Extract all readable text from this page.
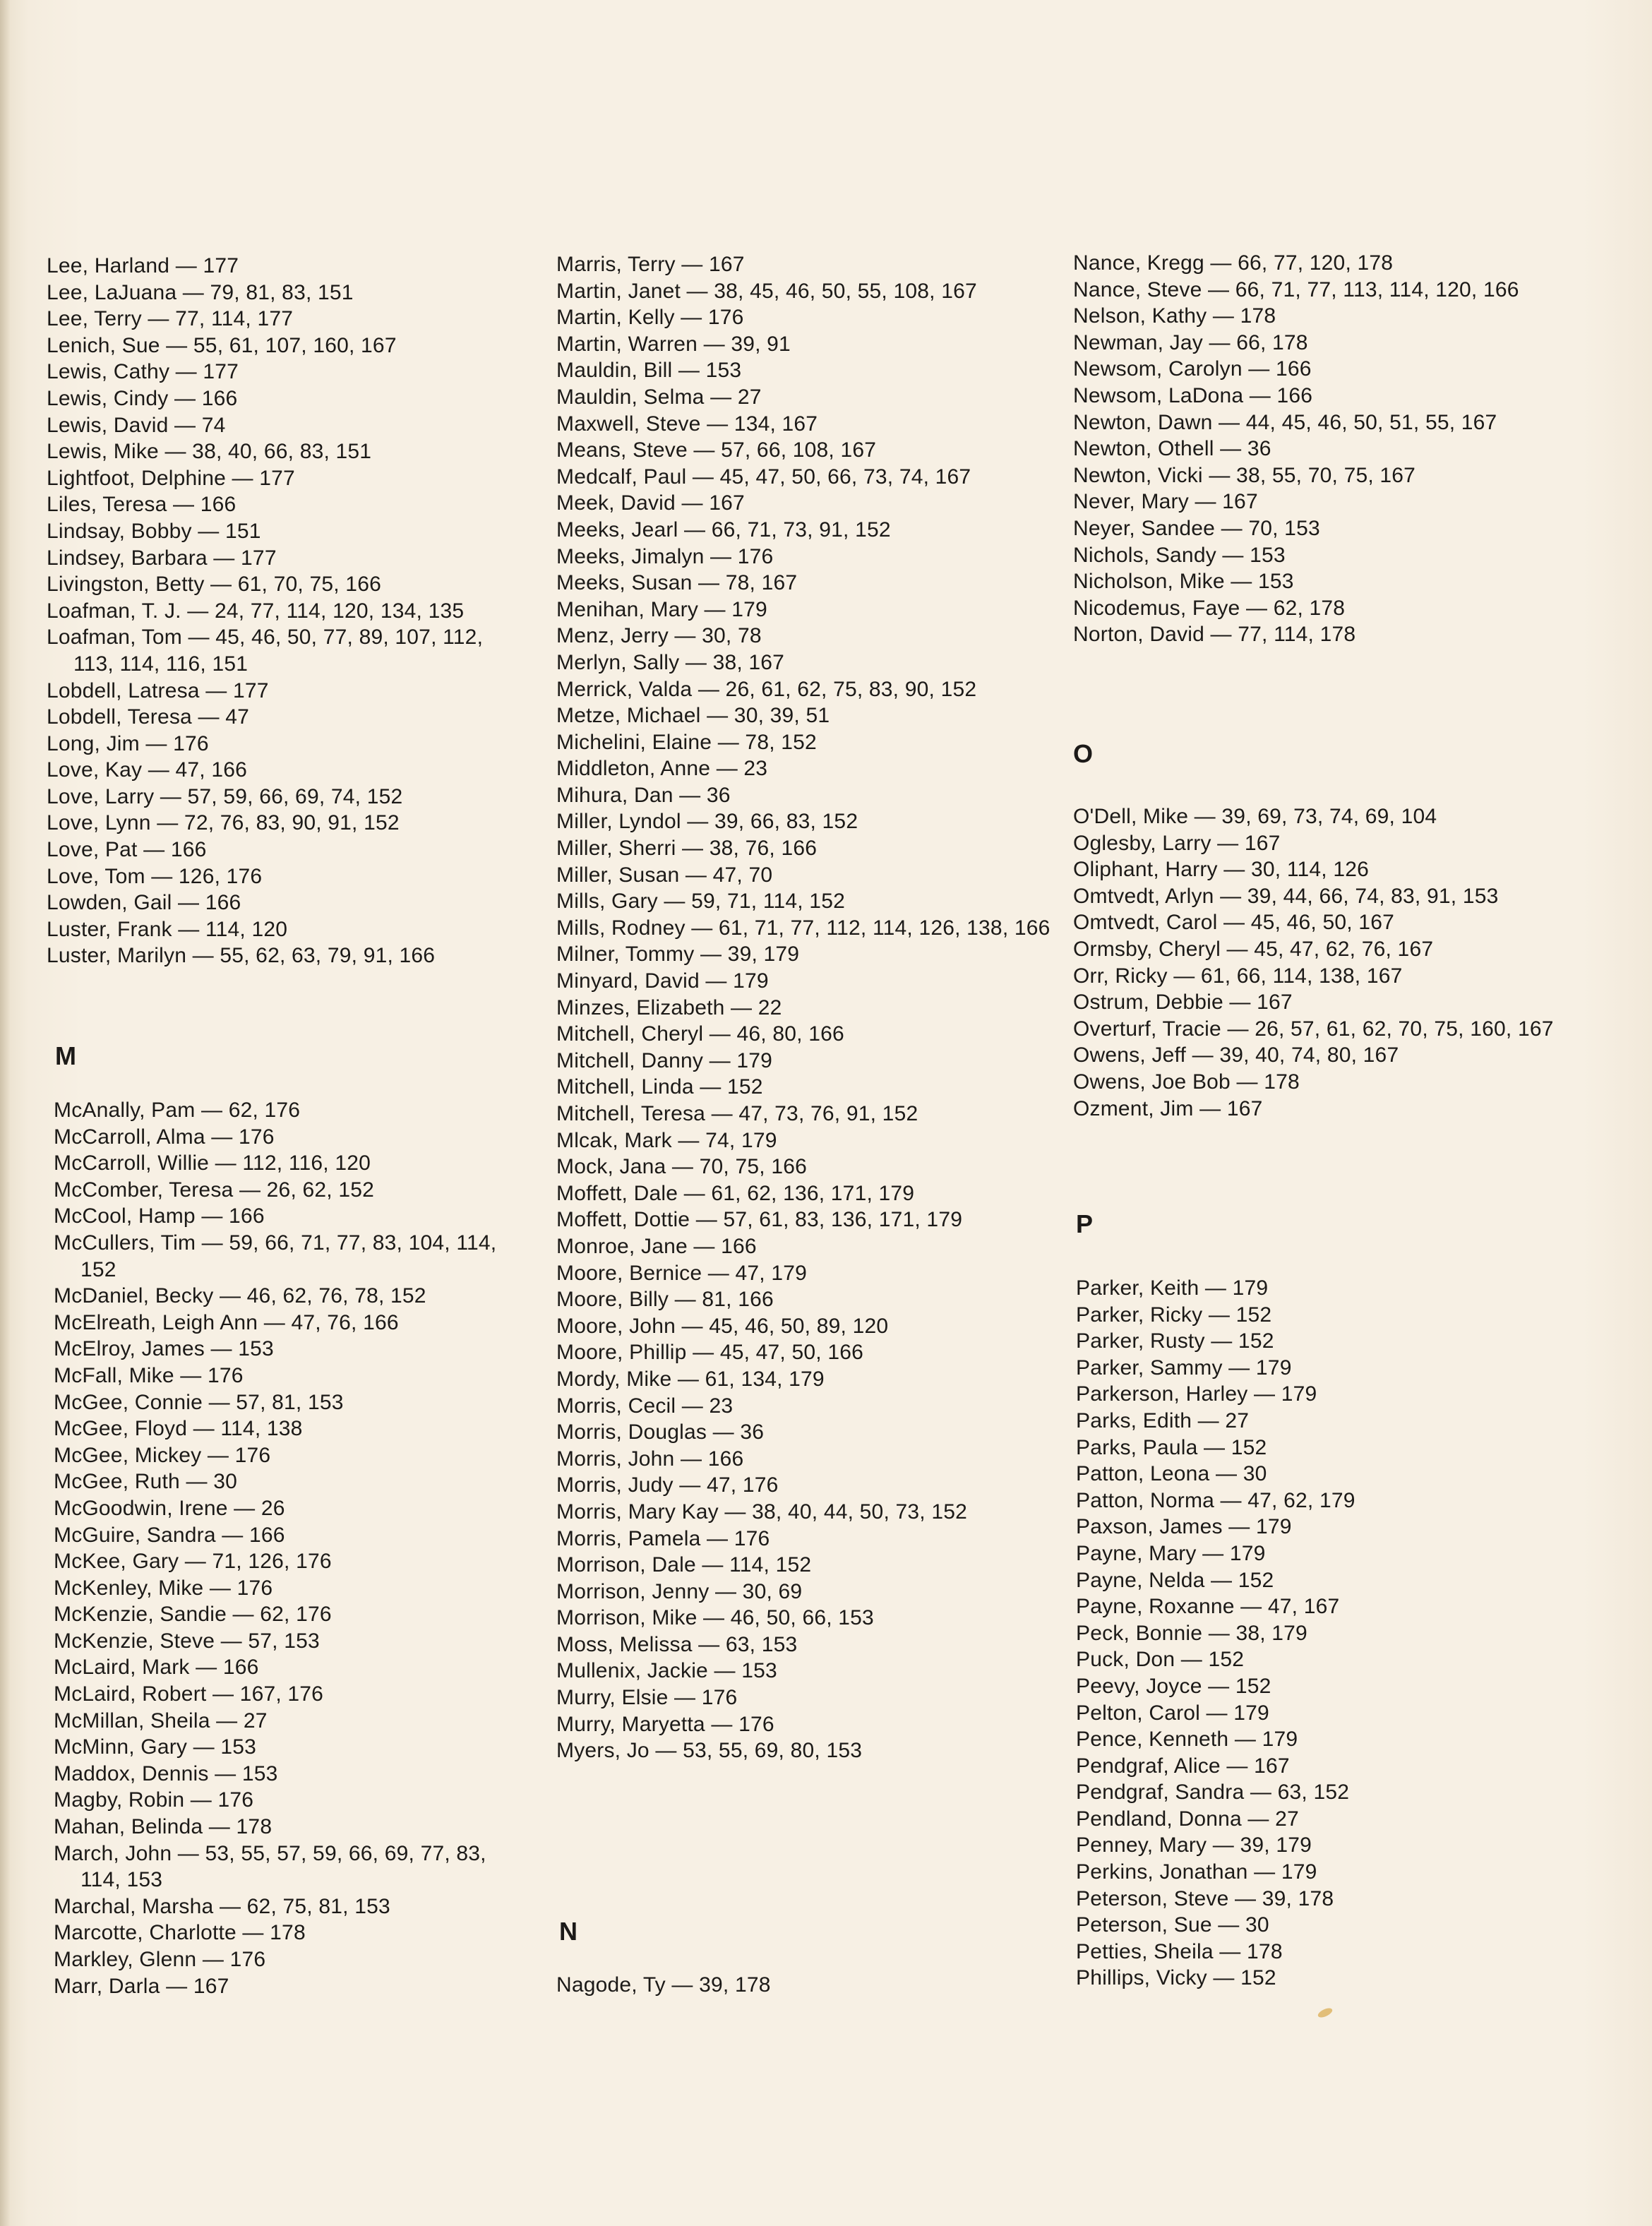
Lee, Harland — 177
Lee, LaJuana — 79, 81, 83, 151
Lee, Terry — 77, 114, 177
Lenich, Sue — 55, 61, 107, 160, 167
Lewis, Cathy — 177
Lewis, Cindy — 166
Lewis, David — 74
Lewis, Mike — 38, 40, 66, 83, 151
Lightfoot, Delphine — 177
Liles, Teresa — 166
Lindsay, Bobby — 151
Lindsey, Barbara — 177
Livingston, Betty — 61, 70, 75, 166
Loafman, T. J. — 24, 77, 114, 120, 134, 135
Loafman, Tom — 45, 46, 50, 77, 89, 107, 112, 113, 114, 116, 151
Lobdell, Latresa — 177
Lobdell, Teresa — 47
Long, Jim — 176
Love, Kay — 47, 166
Love, Larry — 57, 59, 66, 69, 74, 152
Love, Lynn — 72, 76, 83, 90, 91, 152
Love, Pat — 166
Love, Tom — 126, 176
Lowden, Gail — 166
Luster, Frank — 114, 120
Luster, Marilyn — 55, 62, 63, 79, 91, 166
M
McAnally, Pam — 62, 176
McCarroll, Alma — 176
McCarroll, Willie — 112, 116, 120
McComber, Teresa — 26, 62, 152
McCool, Hamp — 166
McCullers, Tim — 59, 66, 71, 77, 83, 104, 114, 152
McDaniel, Becky — 46, 62, 76, 78, 152
McElreath, Leigh Ann — 47, 76, 166
McElroy, James — 153
McFall, Mike — 176
McGee, Connie — 57, 81, 153
McGee, Floyd — 114, 138
McGee, Mickey — 176
McGee, Ruth — 30
McGoodwin, Irene — 26
McGuire, Sandra — 166
McKee, Gary — 71, 126, 176
McKenley, Mike — 176
McKenzie, Sandie — 62, 176
McKenzie, Steve — 57, 153
McLaird, Mark — 166
McLaird, Robert — 167, 176
McMillan, Sheila — 27
McMinn, Gary — 153
Maddox, Dennis — 153
Magby, Robin — 176
Mahan, Belinda — 178
March, John — 53, 55, 57, 59, 66, 69, 77, 83, 114, 153
Marchal, Marsha — 62, 75, 81, 153
Marcotte, Charlotte — 178
Markley, Glenn — 176
Marr, Darla — 167
Marris, Terry — 167
Martin, Janet — 38, 45, 46, 50, 55, 108, 167
Martin, Kelly — 176
Martin, Warren — 39, 91
Mauldin, Bill — 153
Mauldin, Selma — 27
Maxwell, Steve — 134, 167
Means, Steve — 57, 66, 108, 167
Medcalf, Paul — 45, 47, 50, 66, 73, 74, 167
Meek, David — 167
Meeks, Jearl — 66, 71, 73, 91, 152
Meeks, Jimalyn — 176
Meeks, Susan — 78, 167
Menihan, Mary — 179
Menz, Jerry — 30, 78
Merlyn, Sally — 38, 167
Merrick, Valda — 26, 61, 62, 75, 83, 90, 152
Metze, Michael — 30, 39, 51
Michelini, Elaine — 78, 152
Middleton, Anne — 23
Mihura, Dan — 36
Miller, Lyndol — 39, 66, 83, 152
Miller, Sherri — 38, 76, 166
Miller, Susan — 47, 70
Mills, Gary — 59, 71, 114, 152
Mills, Rodney — 61, 71, 77, 112, 114, 126, 138, 166
Milner, Tommy — 39, 179
Minyard, David — 179
Minzes, Elizabeth — 22
Mitchell, Cheryl — 46, 80, 166
Mitchell, Danny — 179
Mitchell, Linda — 152
Mitchell, Teresa — 47, 73, 76, 91, 152
Mlcak, Mark — 74, 179
Mock, Jana — 70, 75, 166
Moffett, Dale — 61, 62, 136, 171, 179
Moffett, Dottie — 57, 61, 83, 136, 171, 179
Monroe, Jane — 166
Moore, Bernice — 47, 179
Moore, Billy — 81, 166
Moore, John — 45, 46, 50, 89, 120
Moore, Phillip — 45, 47, 50, 166
Mordy, Mike — 61, 134, 179
Morris, Cecil — 23
Morris, Douglas — 36
Morris, John — 166
Morris, Judy — 47, 176
Morris, Mary Kay — 38, 40, 44, 50, 73, 152
Morris, Pamela — 176
Morrison, Dale — 114, 152
Morrison, Jenny — 30, 69
Morrison, Mike — 46, 50, 66, 153
Moss, Melissa — 63, 153
Mullenix, Jackie — 153
Murry, Elsie — 176
Murry, Maryetta — 176
Myers, Jo — 53, 55, 69, 80, 153
N
Nagode, Ty — 39, 178
Nance, Kregg — 66, 77, 120, 178
Nance, Steve — 66, 71, 77, 113, 114, 120, 166
Nelson, Kathy — 178
Newman, Jay — 66, 178
Newsom, Carolyn — 166
Newsom, LaDona — 166
Newton, Dawn — 44, 45, 46, 50, 51, 55, 167
Newton, Othell — 36
Newton, Vicki — 38, 55, 70, 75, 167
Never, Mary — 167
Neyer, Sandee — 70, 153
Nichols, Sandy — 153
Nicholson, Mike — 153
Nicodemus, Faye — 62, 178
Norton, David — 77, 114, 178
O
O'Dell, Mike — 39, 69, 73, 74, 69, 104
Oglesby, Larry — 167
Oliphant, Harry — 30, 114, 126
Omtvedt, Arlyn — 39, 44, 66, 74, 83, 91, 153
Omtvedt, Carol — 45, 46, 50, 167
Ormsby, Cheryl — 45, 47, 62, 76, 167
Orr, Ricky — 61, 66, 114, 138, 167
Ostrum, Debbie — 167
Overturf, Tracie — 26, 57, 61, 62, 70, 75, 160, 167
Owens, Jeff — 39, 40, 74, 80, 167
Owens, Joe Bob — 178
Ozment, Jim — 167
P
Parker, Keith — 179
Parker, Ricky — 152
Parker, Rusty — 152
Parker, Sammy — 179
Parkerson, Harley — 179
Parks, Edith — 27
Parks, Paula — 152
Patton, Leona — 30
Patton, Norma — 47, 62, 179
Paxson, James — 179
Payne, Mary — 179
Payne, Nelda — 152
Payne, Roxanne — 47, 167
Peck, Bonnie — 38, 179
Puck, Don — 152
Peevy, Joyce — 152
Pelton, Carol — 179
Pence, Kenneth — 179
Pendgraf, Alice — 167
Pendgraf, Sandra — 63, 152
Pendland, Donna — 27
Penney, Mary — 39, 179
Perkins, Jonathan — 179
Peterson, Steve — 39, 178
Peterson, Sue — 30
Petties, Sheila — 178
Phillips, Vicky — 152
